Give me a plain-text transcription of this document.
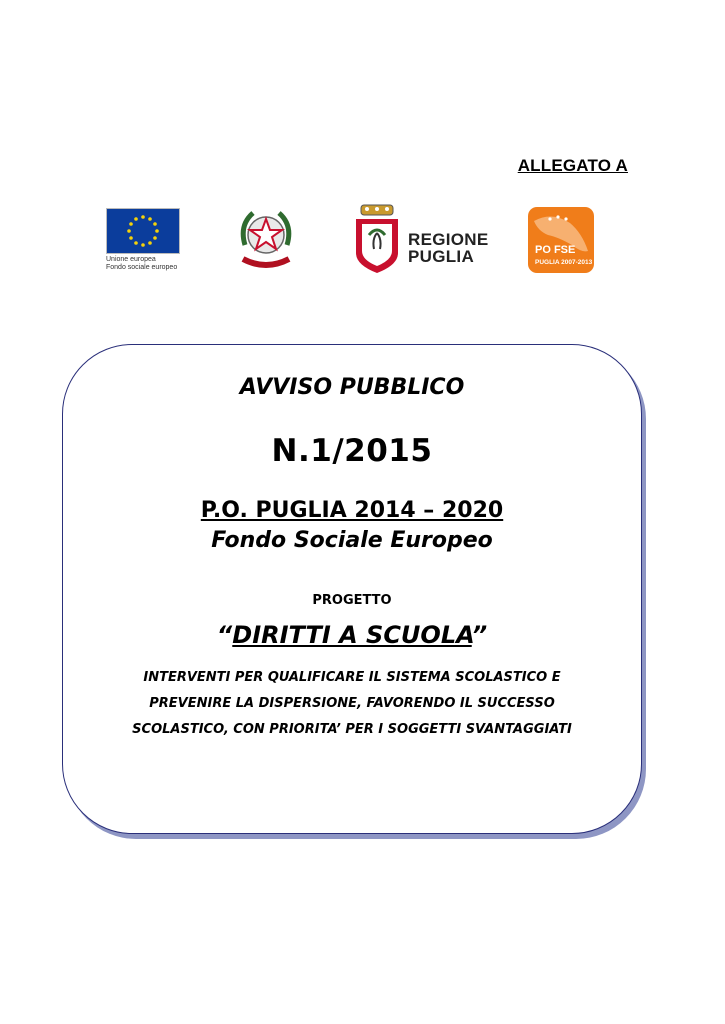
ALLEGATO A
Unione europea
Fondo sociale europeo
REGIONE
PUGLIA	PO FSE
PUGLIA 2007-2013
AVVISO PUBBLICO
N.1/2015
P.O. PUGLIA 2014 – 2020
Fondo Sociale Europeo
PROGETTO
“DIRITTI A SCUOLA”
INTERVENTI PER QUALIFICARE IL SISTEMA SCOLASTICO E PREVENIRE LA DISPERSIONE, FAVORENDO IL SUCCESSO SCOLASTICO, CON PRIORITA’ PER I SOGGETTI SVANTAGGIATI
